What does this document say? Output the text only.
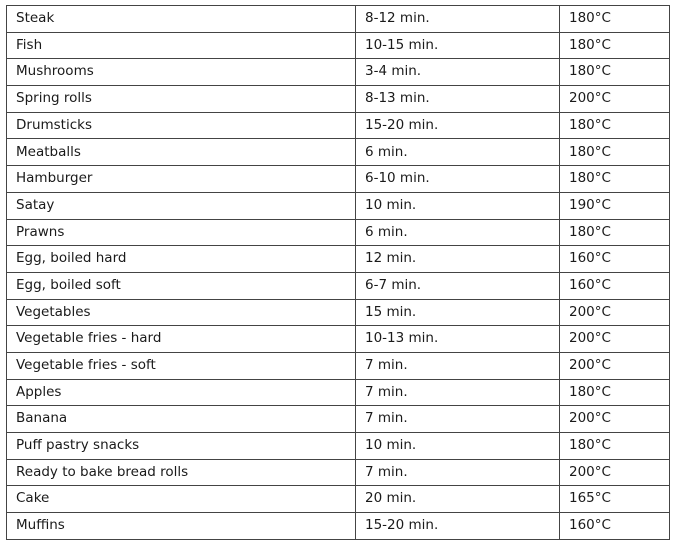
Steak	8-12 min.	180°C
Fish	10-15 min.	180°C
Mushrooms	3-4 min.	180°C
Spring rolls	8-13 min.	200°C
Drumsticks	15-20 min.	180°C
Meatballs	6 min.	180°C
Hamburger	6-10 min.	180°C
Satay	10 min.	190°C
Prawns	6 min.	180°C
Egg, boiled hard	12 min.	160°C
Egg, boiled soft	6-7 min.	160°C
Vegetables	15 min.	200°C
Vegetable fries - hard	10-13 min.	200°C
Vegetable fries - soft	7 min.	200°C
Apples	7 min.	180°C
Banana	7 min.	200°C
Puff pastry snacks	10 min.	180°C
Ready to bake bread rolls	7 min.	200°C
Cake	20 min.	165°C
Muffins	15-20 min.	160°C
